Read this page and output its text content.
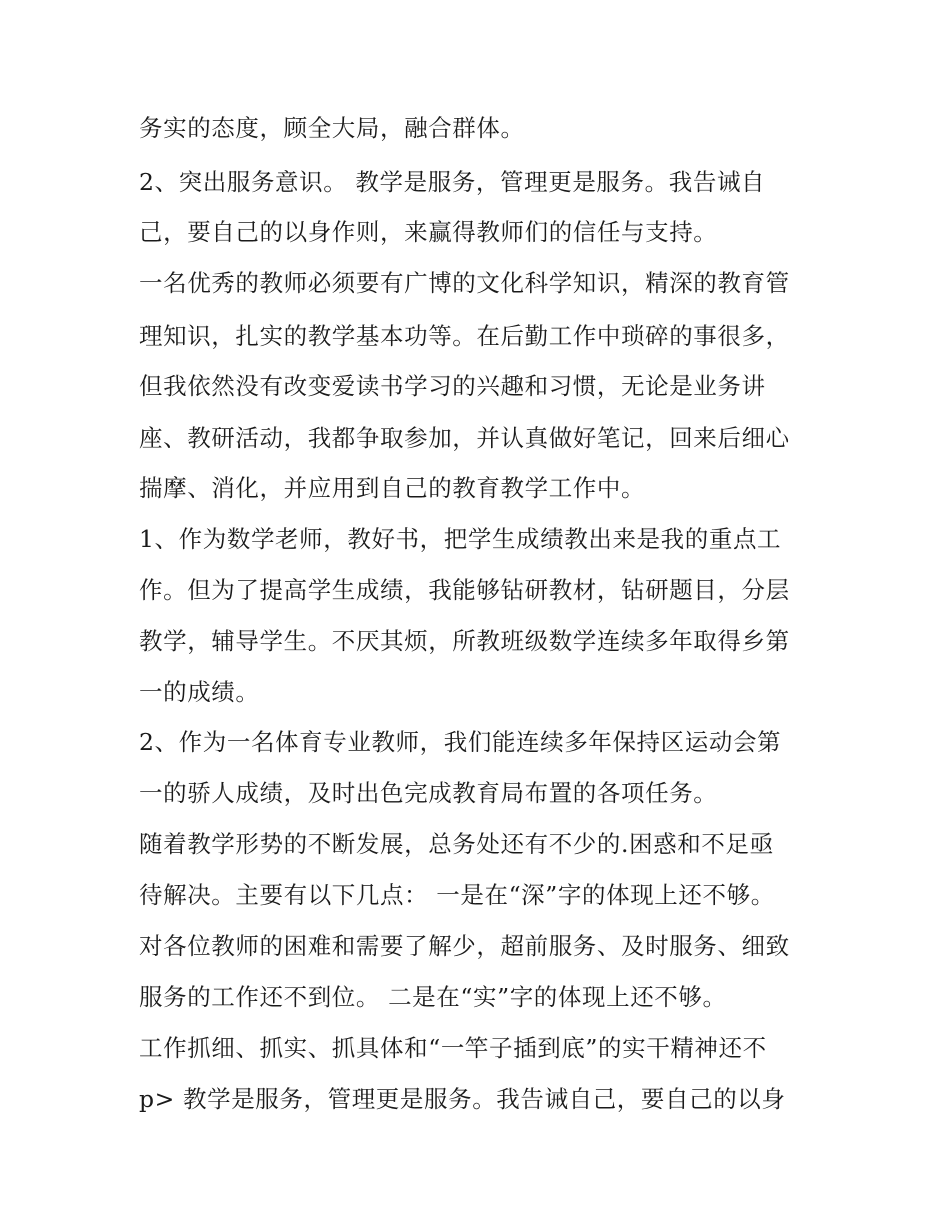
务实的态度，顾全大局，融合群体。
2、突出服务意识。 教学是服务，管理更是服务。我告诫自
己，要自己的以身作则，来赢得教师们的信任与支持。
一名优秀的教师必须要有广博的文化科学知识，精深的教育管
理知识，扎实的教学基本功等。在后勤工作中琐碎的事很多，
但我依然没有改变爱读书学习的兴趣和习惯，无论是业务讲
座、教研活动，我都争取参加，并认真做好笔记，回来后细心
揣摩、消化，并应用到自己的教育教学工作中。
1、作为数学老师，教好书，把学生成绩教出来是我的重点工
作。但为了提高学生成绩，我能够钻研教材，钻研题目，分层
教学，辅导学生。不厌其烦，所教班级数学连续多年取得乡第
一的成绩。
2、作为一名体育专业教师，我们能连续多年保持区运动会第
一的骄人成绩，及时出色完成教育局布置的各项任务。
随着教学形势的不断发展，总务处还有不少的.困惑和不足亟
待解决。主要有以下几点： 一是在“深”字的体现上还不够。
对各位教师的困难和需要了解少，超前服务、及时服务、细致
服务的工作还不到位。 二是在“实”字的体现上还不够。
工作抓细、抓实、抓具体和“一竿子插到底”的实干精神还不
p> 教学是服务，管理更是服务。我告诫自己，要自己的以身
